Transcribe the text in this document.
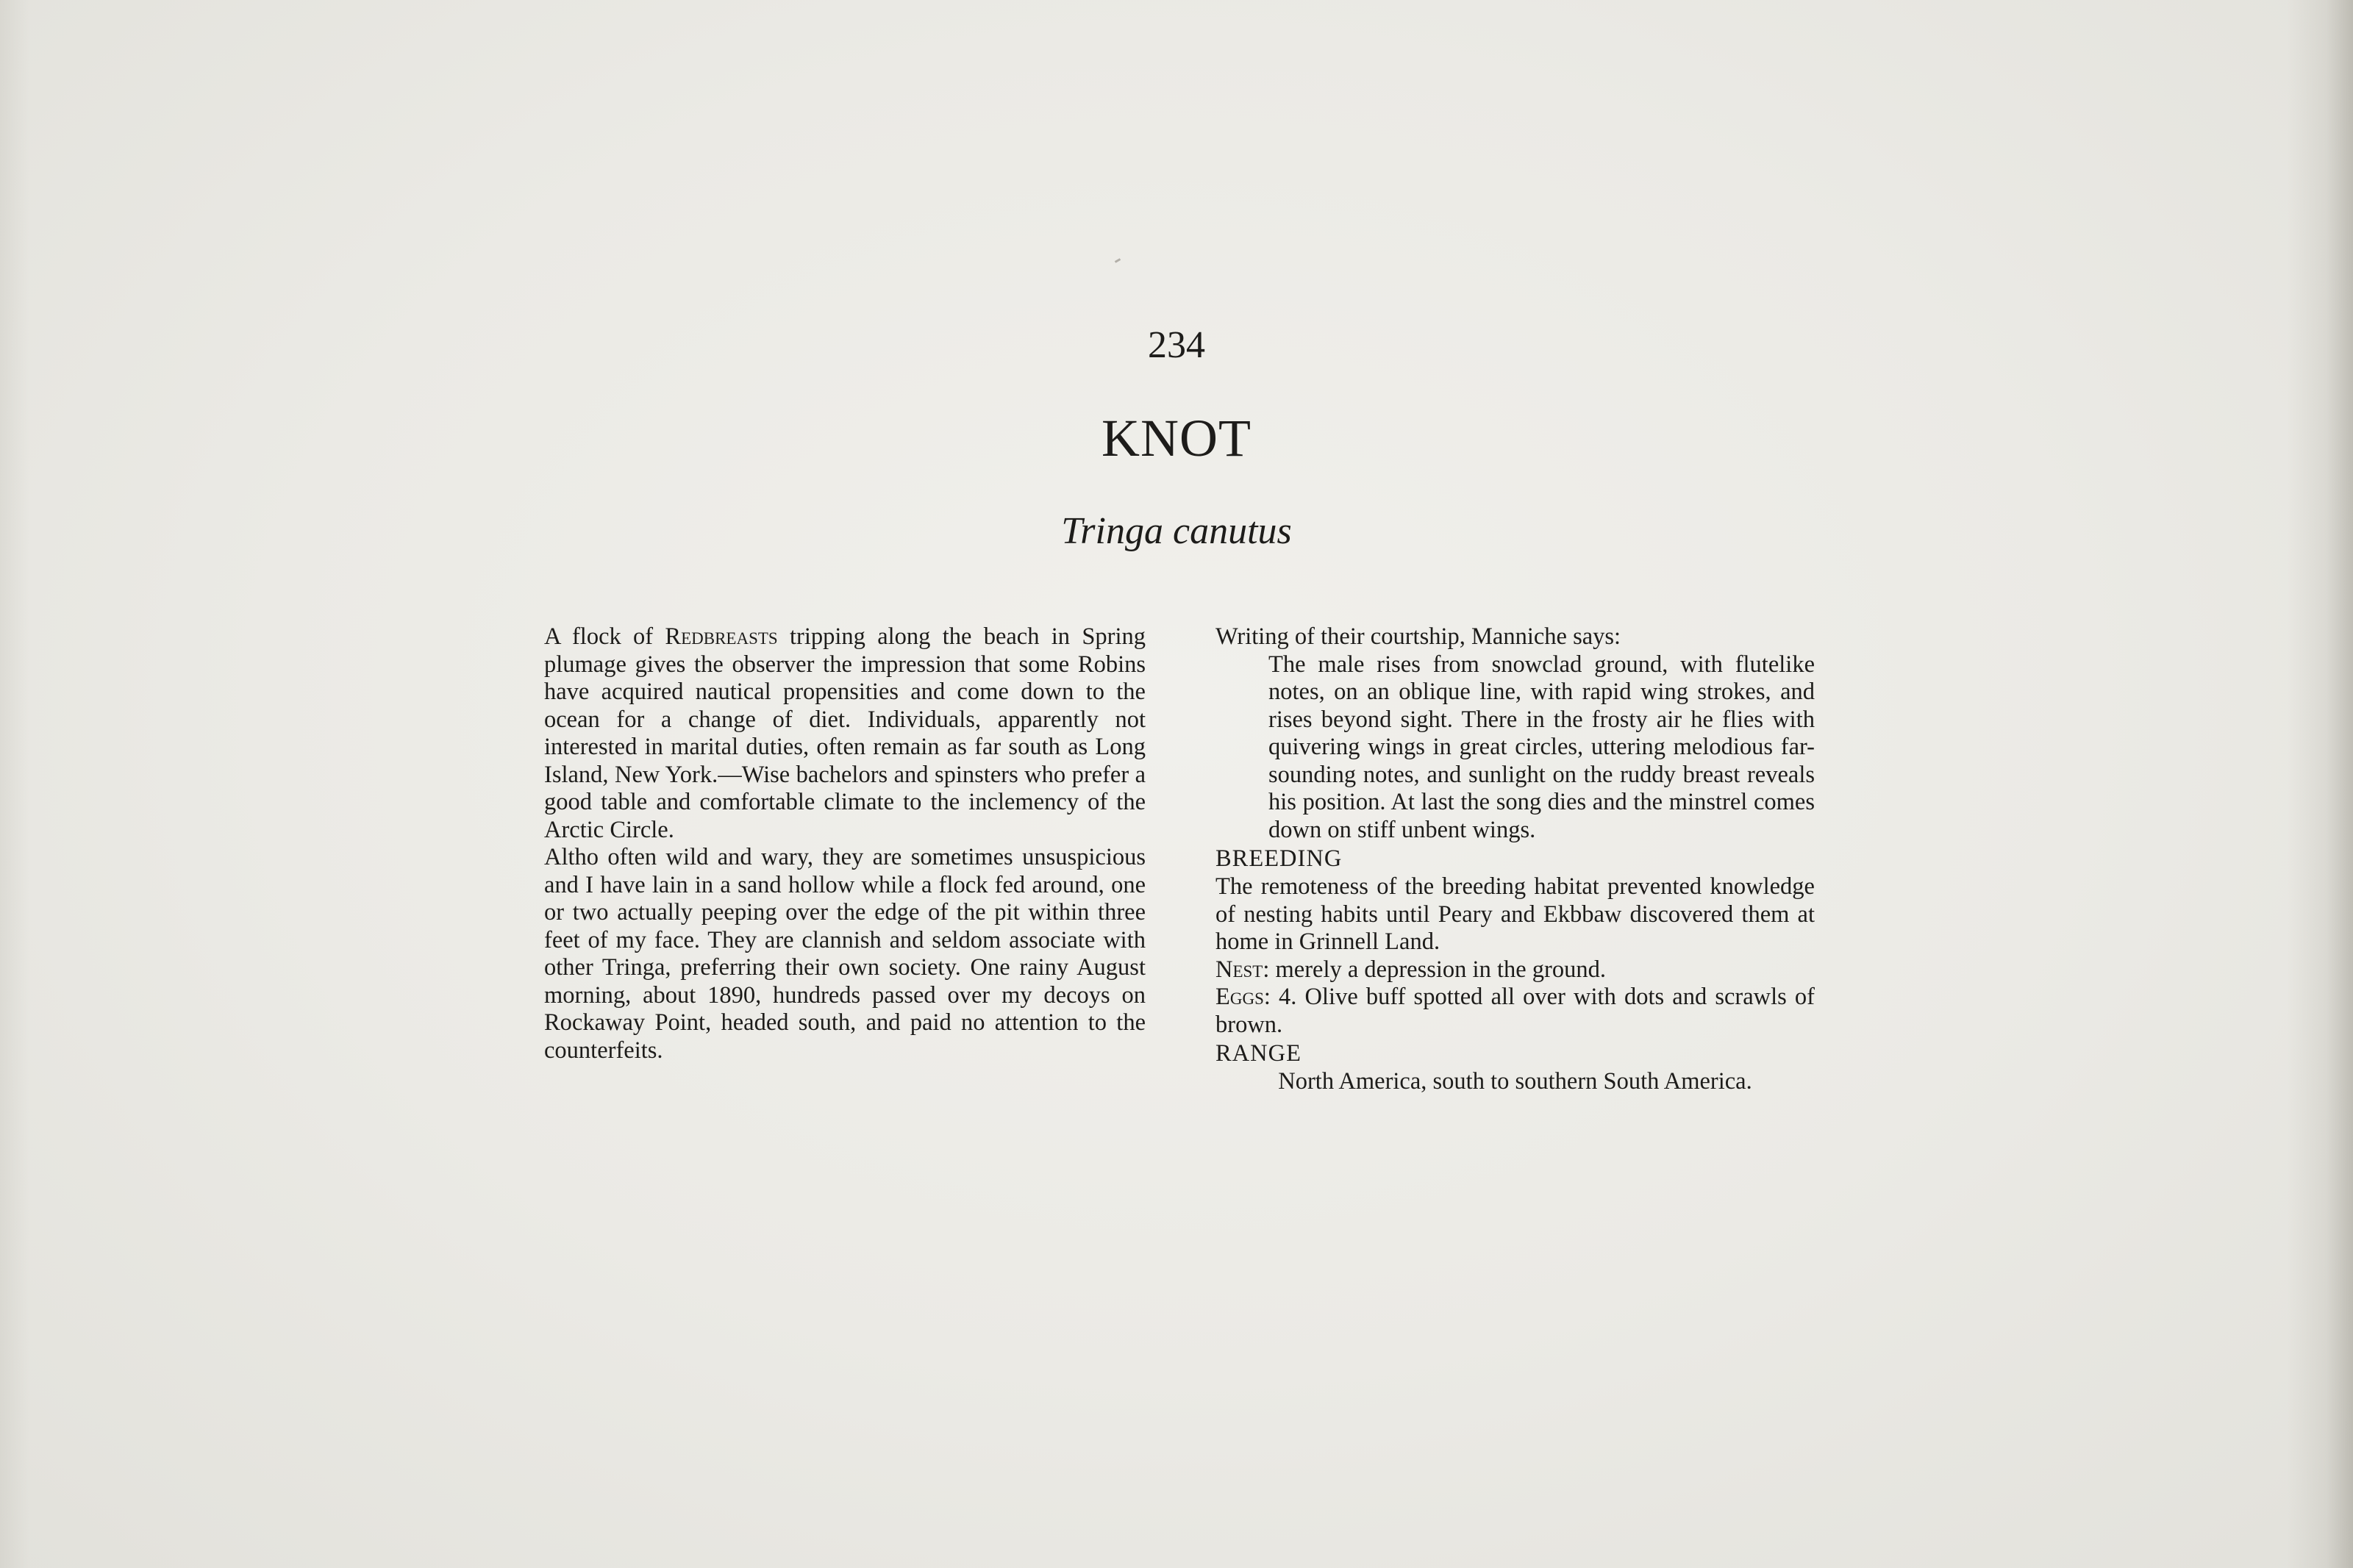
234
KNOT
Tringa canutus

A flock of Redbreasts tripping along the beach in Spring plumage gives the observer the impression that some Robins have acquired nautical propensities and come down to the ocean for a change of diet. Individuals, apparently not interested in marital duties, often remain as far south as Long Island, New York.—Wise bachelors and spinsters who prefer a good table and comfortable climate to the inclemency of the Arctic Circle.

Altho often wild and wary, they are sometimes unsuspicious and I have lain in a sand hollow while a flock fed around, one or two actually peeping over the edge of the pit within three feet of my face. They are clannish and seldom associate with other Tringa, preferring their own society. One rainy August morning, about 1890, hundreds passed over my decoys on Rockaway Point, headed south, and paid no attention to the counterfeits.

Writing of their courtship, Manniche says:

The male rises from snowclad ground, with flutelike notes, on an oblique line, with rapid wing strokes, and rises beyond sight. There in the frosty air he flies with quivering wings in great circles, uttering melodious far-sounding notes, and sunlight on the ruddy breast reveals his position. At last the song dies and the minstrel comes down on stiff unbent wings.

BREEDING

The remoteness of the breeding habitat prevented knowledge of nesting habits until Peary and Ekbbaw discovered them at home in Grinnell Land.

Nest: merely a depression in the ground.

Eggs: 4. Olive buff spotted all over with dots and scrawls of brown.

RANGE

North America, south to southern South America.
